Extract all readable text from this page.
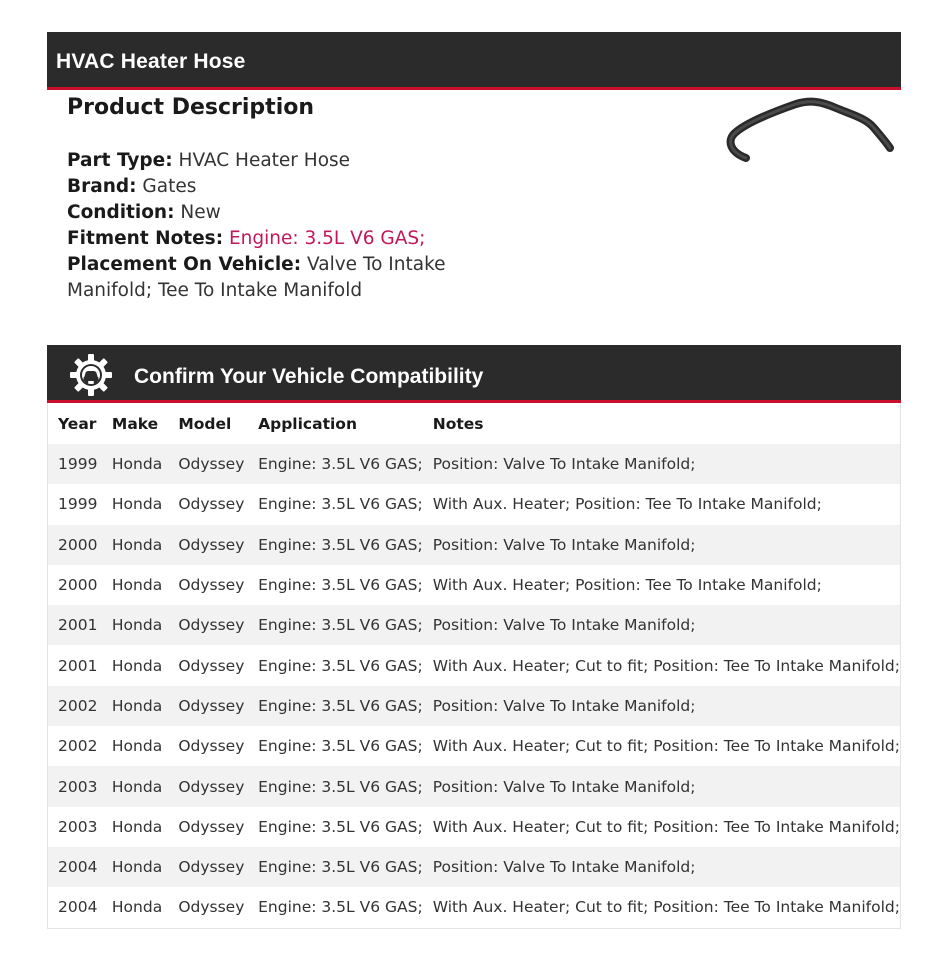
HVAC Heater Hose
Product Description
Part Type: HVAC Heater Hose
Brand: Gates
Condition: New
Fitment Notes: Engine: 3.5L V6 GAS;
Placement On Vehicle: Valve To Intake Manifold; Tee To Intake Manifold
Confirm Your Vehicle Compatibility
Year	Make	Model	Application	Notes
1999	Honda	Odyssey	Engine: 3.5L V6 GAS;	Position: Valve To Intake Manifold;
1999	Honda	Odyssey	Engine: 3.5L V6 GAS;	With Aux. Heater; Position: Tee To Intake Manifold;
2000	Honda	Odyssey	Engine: 3.5L V6 GAS;	Position: Valve To Intake Manifold;
2000	Honda	Odyssey	Engine: 3.5L V6 GAS;	With Aux. Heater; Position: Tee To Intake Manifold;
2001	Honda	Odyssey	Engine: 3.5L V6 GAS;	Position: Valve To Intake Manifold;
2001	Honda	Odyssey	Engine: 3.5L V6 GAS;	With Aux. Heater; Cut to fit; Position: Tee To Intake Manifold;
2002	Honda	Odyssey	Engine: 3.5L V6 GAS;	Position: Valve To Intake Manifold;
2002	Honda	Odyssey	Engine: 3.5L V6 GAS;	With Aux. Heater; Cut to fit; Position: Tee To Intake Manifold;
2003	Honda	Odyssey	Engine: 3.5L V6 GAS;	Position: Valve To Intake Manifold;
2003	Honda	Odyssey	Engine: 3.5L V6 GAS;	With Aux. Heater; Cut to fit; Position: Tee To Intake Manifold;
2004	Honda	Odyssey	Engine: 3.5L V6 GAS;	Position: Valve To Intake Manifold;
2004	Honda	Odyssey	Engine: 3.5L V6 GAS;	With Aux. Heater; Cut to fit; Position: Tee To Intake Manifold;
